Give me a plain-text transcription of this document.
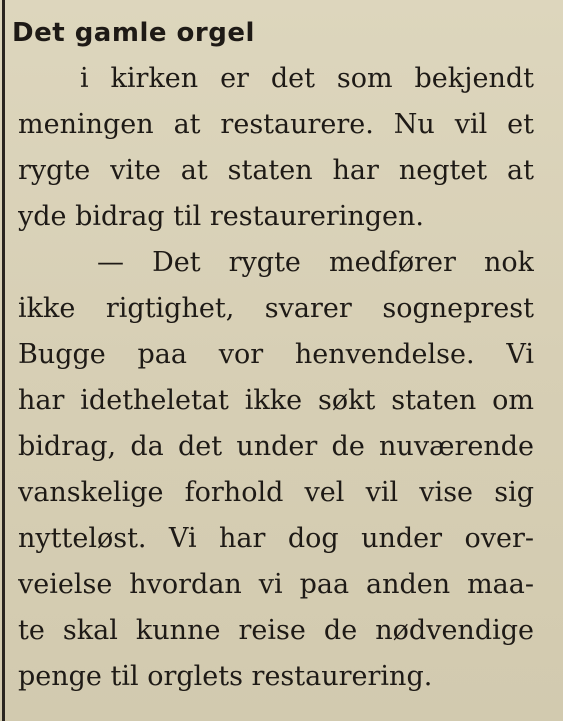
Det gamle orgel
i kirken er det som bekjendt
meningen at restaurere. Nu vil et
rygte vite at staten har negtet at
yde bidrag til restaureringen.
— Det rygte medfører nok
ikke rigtighet, svarer sogneprest
Bugge paa vor henvendelse. Vi
har idetheletat ikke søkt staten om
bidrag, da det under de nuværende
vanskelige forhold vel vil vise sig
nytteløst. Vi har dog under over-
veielse hvordan vi paa anden maa-
te skal kunne reise de nødvendige
penge til orglets restaurering.
